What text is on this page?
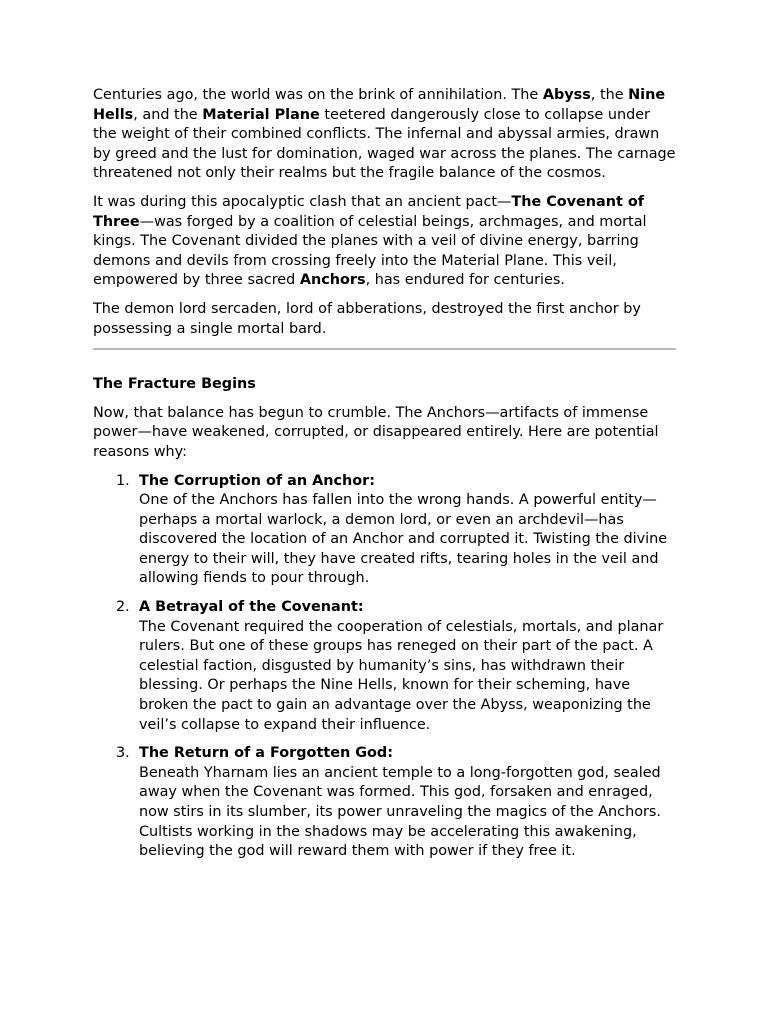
Centuries ago, the world was on the brink of annihilation. The Abyss, the Nine Hells, and the Material Plane teetered dangerously close to collapse under the weight of their combined conflicts. The infernal and abyssal armies, drawn by greed and the lust for domination, waged war across the planes. The carnage threatened not only their realms but the fragile balance of the cosmos.

It was during this apocalyptic clash that an ancient pact—The Covenant of Three—was forged by a coalition of celestial beings, archmages, and mortal kings. The Covenant divided the planes with a veil of divine energy, barring demons and devils from crossing freely into the Material Plane. This veil, empowered by three sacred Anchors, has endured for centuries.

The demon lord sercaden, lord of abberations, destroyed the first anchor by possessing a single mortal bard.

The Fracture Begins

Now, that balance has begun to crumble. The Anchors—artifacts of immense power—have weakened, corrupted, or disappeared entirely. Here are potential reasons why:

1. The Corruption of an Anchor:
One of the Anchors has fallen into the wrong hands. A powerful entity—perhaps a mortal warlock, a demon lord, or even an archdevil—has discovered the location of an Anchor and corrupted it. Twisting the divine energy to their will, they have created rifts, tearing holes in the veil and allowing fiends to pour through.
2. A Betrayal of the Covenant:
The Covenant required the cooperation of celestials, mortals, and planar rulers. But one of these groups has reneged on their part of the pact. A celestial faction, disgusted by humanity’s sins, has withdrawn their blessing. Or perhaps the Nine Hells, known for their scheming, have broken the pact to gain an advantage over the Abyss, weaponizing the veil’s collapse to expand their influence.
3. The Return of a Forgotten God:
Beneath Yharnam lies an ancient temple to a long-forgotten god, sealed away when the Covenant was formed. This god, forsaken and enraged, now stirs in its slumber, its power unraveling the magics of the Anchors. Cultists working in the shadows may be accelerating this awakening, believing the god will reward them with power if they free it.
